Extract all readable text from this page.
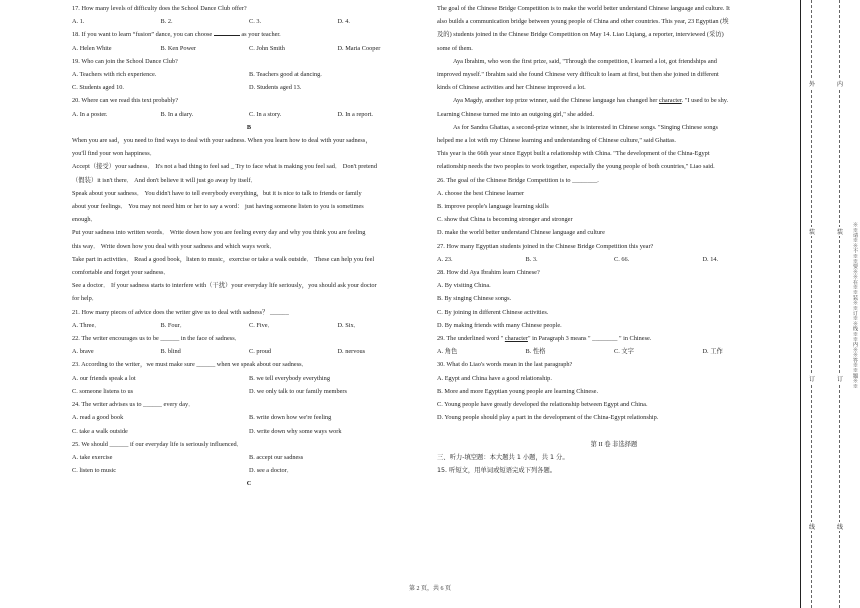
17. How many levels of difficulty does the School Dance Club offer?
A. 1.	B. 2.	C. 3.	D. 4.
18. If you want to learn “fusion” dance, you can choose	as your teacher.
A. Helen White	B. Ken Power	C. John Smith	D. Maria Cooper
19. Who can join the School Dance Club?
A. Teachers with rich experience.	B. Teachers good at dancing.
C. Students aged 10.	D. Students aged 13.
20. Where can we read this text probably?
A. In a poster.	B. In a diary.	C. In a story.	D. In a report.
B
When you are sad，you need to find ways to deal with your sadness. When you learn how to deal with your sadness，
you'll find your won happiness．
Accept（接受）your sadness． It's not a bad thing to feel sad _ Try to face what is making you feel sad． Don't pretend
（假装）it isn't there． And don't believe it will just go away by itself．
Speak about your sadness． You didn't have to tell everybody everything，but it is nice to talk to friends or family
about your feelings． You may not need him or her to say a word： just having someone listen to you is sometimes
enough．
Put your sadness into written words． Write down how you are feeling every day and why you think you are feeling
this way． Write down how you deal with your sadness and which ways work．
Take part in activities． Read a good book，listen to music，exercise or take a walk outside． These can help you feel
comfortable and forget your sadness．
See a doctor． If your sadness starts to interfere with（干扰）your everyday life seriously，you should ask your doctor
for help．
21. How many pieces of advice does the writer give us to deal with sadness？ ______
A. Three．	B. Four．	C. Five．	D. Six．
22. The writer encourages us to be ______ in the face of sadness．
A. brave	B. blind	C. proud	D. nervous
23. According to the writer，we must make sure ______ when we speak about our sadness．
A. our friends speak a lot	B. we tell everybody everything
C. someone listens to us	D. we only talk to our family members
24. The writer advises us to ______ every day．
A. read a good book	B. write down how we're feeling
C. take a walk outside	D. write down why some ways work
25. We should ______ if our everyday life is seriously influenced．
A. take exercise	B. accept our sadness
C. listen to music	D. see a doctor．
C
The goal of the Chinese Bridge Competition is to make the world better understand Chinese language and culture. It
also builds a communication bridge between young people of China and other countries. This year, 23 Egyptian (埃
及的) students joined in the Chinese Bridge Competition on May 14. Liao Liqiang, a reporter, interviewed (采访)
some of them.
Aya Ibrahim, who won the first prize, said, "Through the competition, I learned a lot, got friendships and
improved myself." Ibrahim said she found Chinese very difficult to learn at first, but then she joined in different
kinds of Chinese activities and her Chinese improved a lot.
Aya Magdy, another top prize winner, said the Chinese language has changed her character. "I used to be shy.
Learning Chinese turned me into an outgoing girl," she added.
As for Sandra Ghattas, a second-prize winner, she is interested in Chinese songs. "Singing Chinese songs
helped me a lot with my Chinese learning and understanding of Chinese culture," said Ghattas.
This year is the 66th year since Egypt built a relationship with China. "The development of the China-Egypt
relationship needs the two peoples to work together, especially the young people of both countries," Liao said.
26. The goal of the Chinese Bridge Competition is to ________.
A. choose the best Chinese learner
B. improve people's language learning skills
C. show that China is becoming stronger and stronger
D. make the world better understand Chinese language and culture
27. How many Egyptian students joined in the Chinese Bridge Competition this year?
A. 23.	B. 3.	C. 66.	D. 14.
28. How did Aya Ibrahim learn Chinese?
A. By visiting China.
B. By singing Chinese songs.
C. By joining in different Chinese activities.
D. By making friends with many Chinese people.
29. The underlined word " character" in Paragraph 3 means " ________ " in Chinese.
A. 角色	B. 性格	C. 文字	D. 工作
30. What do Liao's words mean in the last paragraph?
A. Egypt and China have a good relationship.
B. More and more Egyptian young people are learning Chinese.
C. Young people have greatly developed the relationship between Egypt and China.
D. Young people should play a part in the development of the China-Egypt relationship.
第 II 卷 非选择题
三、听力-填空题：本大题共 1 小题，共 1 分。
15. 听短文，用单词或短语完成下列各题。
第 2 页，共 6 页
外
装
订
线
内
装
订
线
※※请※※不※※要※※在※※装※※订※※线※※内※※答※※题※※
